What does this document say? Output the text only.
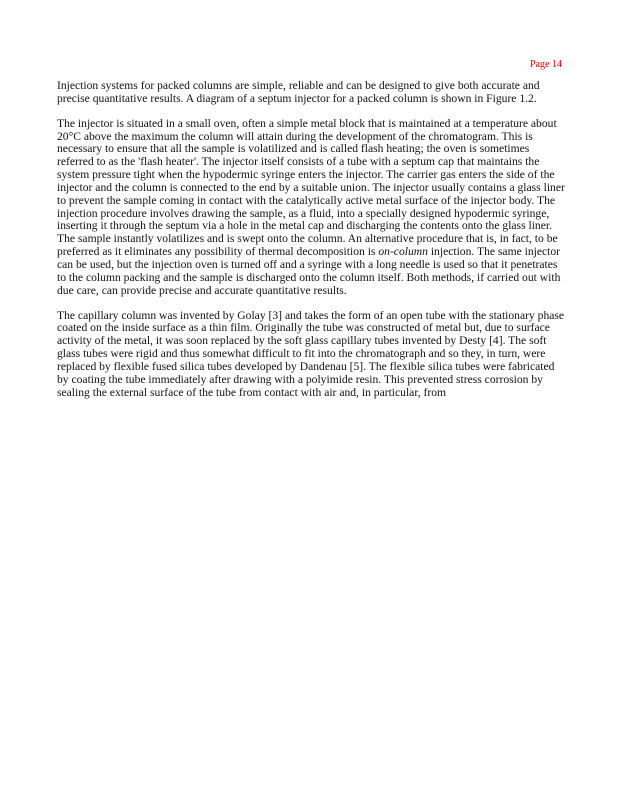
Page 14

Injection systems for packed columns are simple, reliable and can be designed to give both accurate and precise quantitative results. A diagram of a septum injector for a packed column is shown in Figure 1.2.

The injector is situated in a small oven, often a simple metal block that is maintained at a temperature about 20°C above the maximum the column will attain during the development of the chromatogram. This is necessary to ensure that all the sample is volatilized and is called flash heating; the oven is sometimes referred to as the 'flash heater'. The injector itself consists of a tube with a septum cap that maintains the system pressure tight when the hypodermic syringe enters the injector. The carrier gas enters the side of the injector and the column is connected to the end by a suitable union. The injector usually contains a glass liner to prevent the sample coming in contact with the catalytically active metal surface of the injector body. The injection procedure involves drawing the sample, as a fluid, into a specially designed hypodermic syringe, inserting it through the septum via a hole in the metal cap and discharging the contents onto the glass liner. The sample instantly volatilizes and is swept onto the column. An alternative procedure that is, in fact, to be preferred as it eliminates any possibility of thermal decomposition is on-column injection. The same injector can be used, but the injection oven is turned off and a syringe with a long needle is used so that it penetrates to the column packing and the sample is discharged onto the column itself. Both methods, if carried out with due care, can provide precise and accurate quantitative results.

The capillary column was invented by Golay [3] and takes the form of an open tube with the stationary phase coated on the inside surface as a thin film. Originally the tube was constructed of metal but, due to surface activity of the metal, it was soon replaced by the soft glass capillary tubes invented by Desty [4]. The soft glass tubes were rigid and thus somewhat difficult to fit into the chromatograph and so they, in turn, were replaced by flexible fused silica tubes developed by Dandenau [5]. The flexible silica tubes were fabricated by coating the tube immediately after drawing with a polyimide resin. This prevented stress corrosion by sealing the external surface of the tube from contact with air and, in particular, from
